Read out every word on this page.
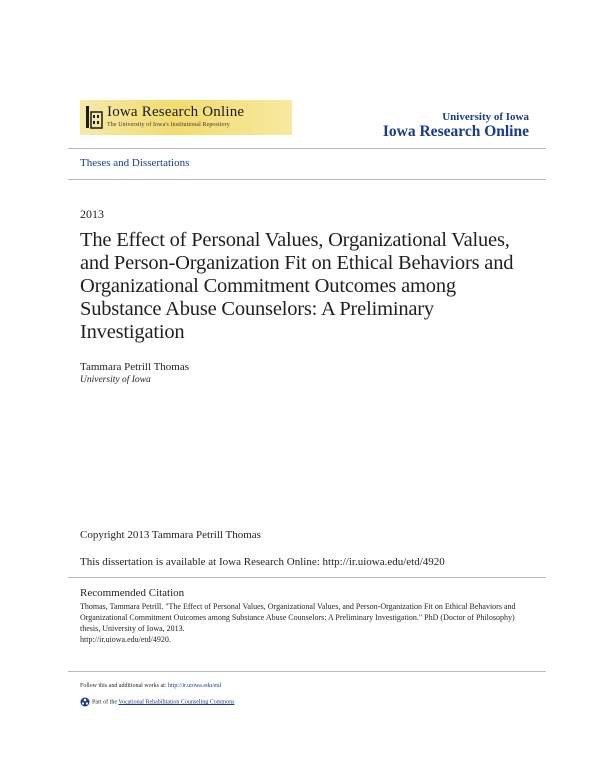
Iowa Research Online
The University of Iowa's Institutional Repository
University of Iowa
Iowa Research Online
Theses and Dissertations
2013
The Effect of Personal Values, Organizational Values, and Person-Organization Fit on Ethical Behaviors and Organizational Commitment Outcomes among Substance Abuse Counselors: A Preliminary Investigation
Tammara Petrill Thomas
University of Iowa
Copyright 2013 Tammara Petrill Thomas
This dissertation is available at Iowa Research Online: http://ir.uiowa.edu/etd/4920
Recommended Citation
Thomas, Tammara Petrill. "The Effect of Personal Values, Organizational Values, and Person-Organization Fit on Ethical Behaviors and Organizational Commitment Outcomes among Substance Abuse Counselors: A Preliminary Investigation." PhD (Doctor of Philosophy) thesis, University of Iowa, 2013.
http://ir.uiowa.edu/etd/4920.
Follow this and additional works at: http://ir.uiowa.edu/etd
Part of the Vocational Rehabilitation Counseling Commons
